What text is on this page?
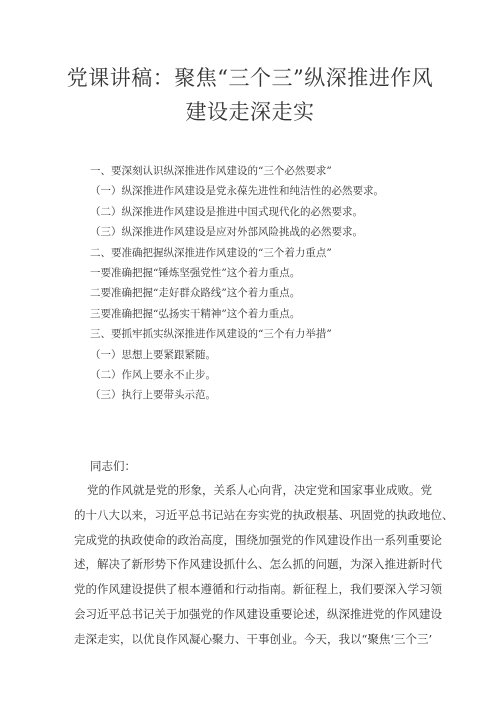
党课讲稿：聚焦“三个三”纵深推进作风
建设走深走实
一、要深刻认识纵深推进作风建设的“三个必然要求”
（一）纵深推进作风建设是党永葆先进性和纯洁性的必然要求。
（二）纵深推进作风建设是推进中国式现代化的必然要求。
（三）纵深推进作风建设是应对外部风险挑战的必然要求。
二、要准确把握纵深推进作风建设的“三个着力重点”
一要准确把握“锤炼坚强党性”这个着力重点。
二要准确把握“走好群众路线”这个着力重点。
三要准确把握“弘扬实干精神”这个着力重点。
三、要抓牢抓实纵深推进作风建设的“三个有力举措”
（一）思想上要紧跟紧随。
（二）作风上要永不止步。
（三）执行上要带头示范。
同志们：
党的作风就是党的形象，关系人心向背，决定党和国家事业成败。党
的十八大以来，习近平总书记站在夯实党的执政根基、巩固党的执政地位、
完成党的执政使命的政治高度，围绕加强党的作风建设作出一系列重要论
述，解决了新形势下作风建设抓什么、怎么抓的问题，为深入推进新时代
党的作风建设提供了根本遵循和行动指南。新征程上，我们要深入学习领
会习近平总书记关于加强党的作风建设重要论述，纵深推进党的作风建设
走深走实，以优良作风凝心聚力、干事创业。今天，我以“聚焦‘三个三’
